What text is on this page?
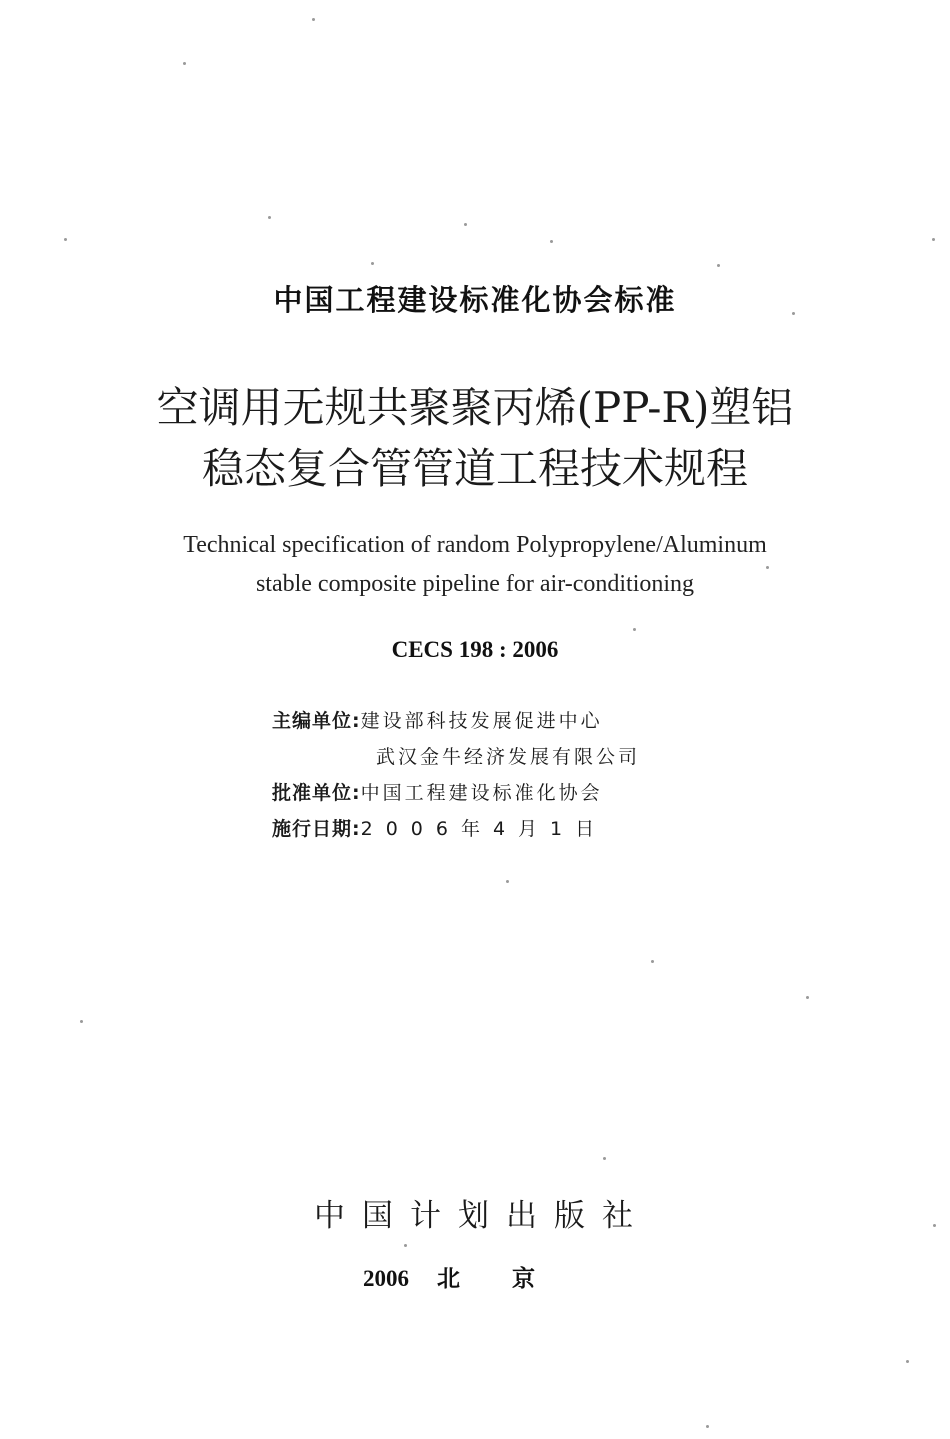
中国工程建设标准化协会标准
空调用无规共聚聚丙烯(PP-R)塑铝
稳态复合管管道工程技术规程
Technical specification of random Polypropylene/Aluminum
stable composite pipeline for air-conditioning
CECS 198 : 2006
主编单位:建设部科技发展促进中心
武汉金牛经济发展有限公司
批准单位:中国工程建设标准化协会
施行日期:2006年4月1日
中国计划出版社
2006 北京
